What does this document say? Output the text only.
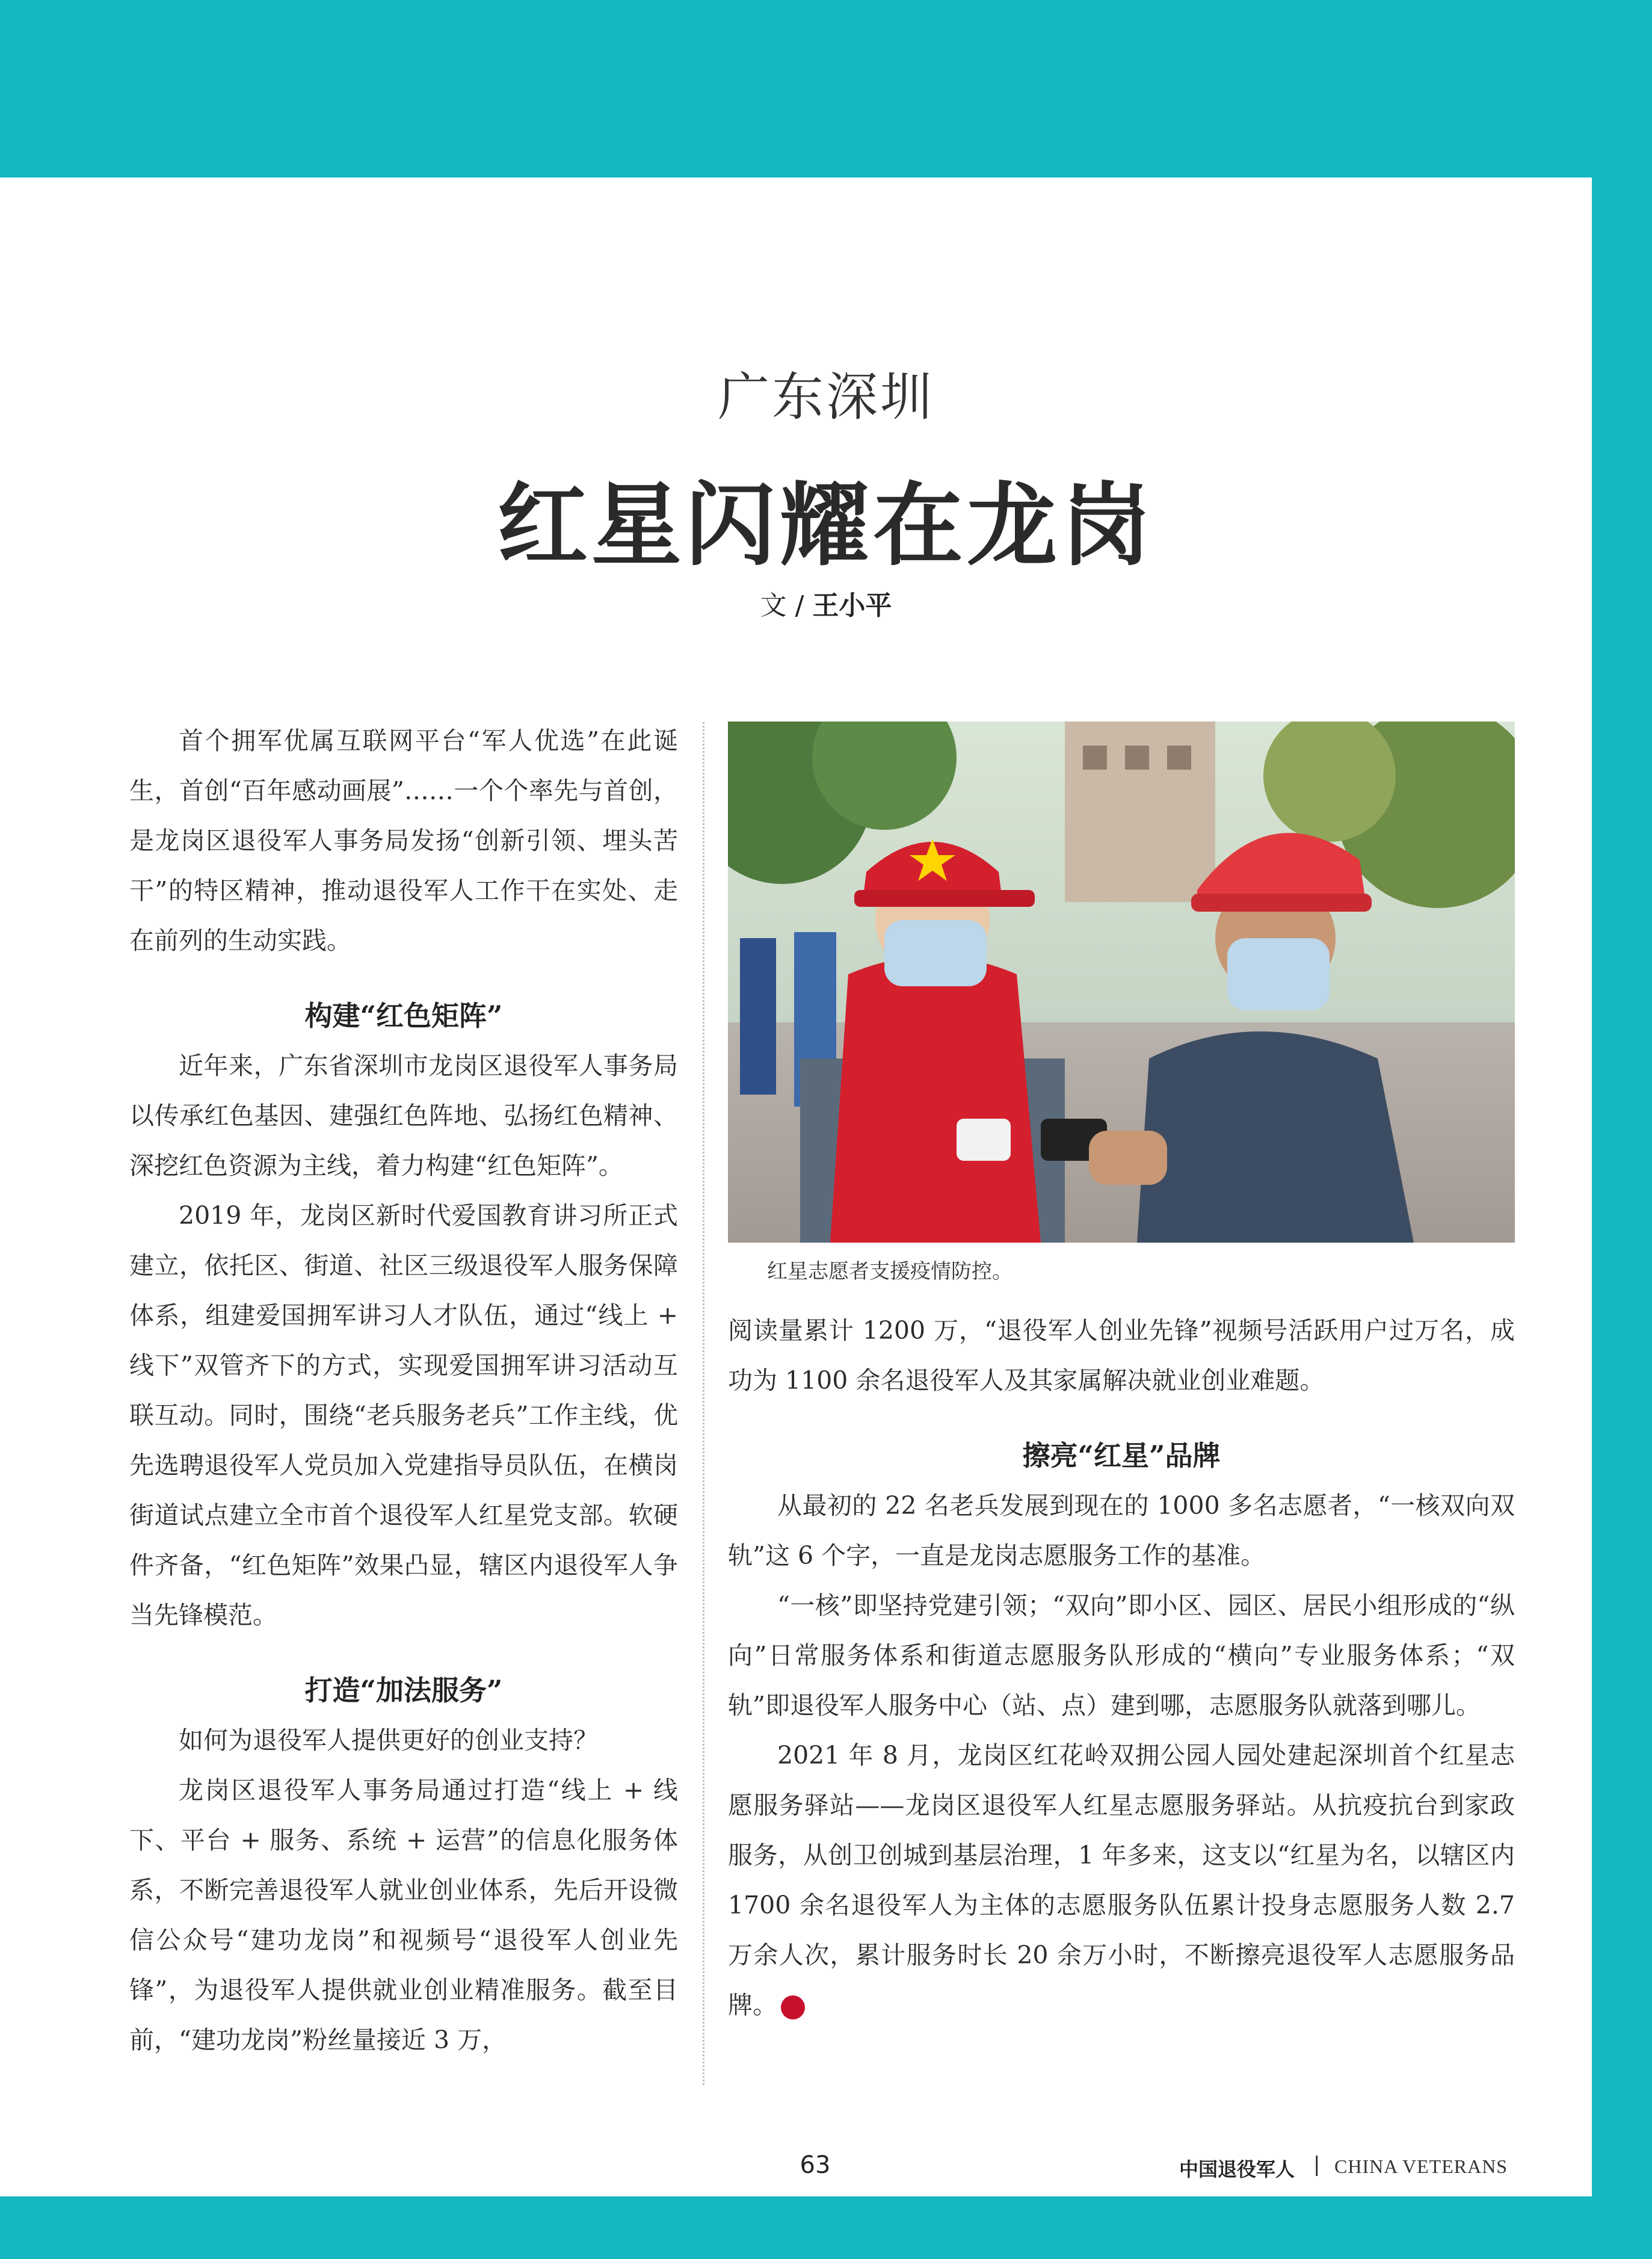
广东深圳
红星闪耀在龙岗
文 / 王小平

首个拥军优属互联网平台“军人优选”在此诞生，首创“百年感动画展”……一个个率先与首创，是龙岗区退役军人事务局发扬“创新引领、埋头苦干”的特区精神，推动退役军人工作干在实处、走在前列的生动实践。

构建“红色矩阵”

近年来，广东省深圳市龙岗区退役军人事务局以传承红色基因、建强红色阵地、弘扬红色精神、深挖红色资源为主线，着力构建“红色矩阵”。

2019 年，龙岗区新时代爱国教育讲习所正式建立，依托区、街道、社区三级退役军人服务保障体系，组建爱国拥军讲习人才队伍，通过“线上 + 线下”双管齐下的方式，实现爱国拥军讲习活动互联互动。同时，围绕“老兵服务老兵”工作主线，优先选聘退役军人党员加入党建指导员队伍，在横岗街道试点建立全市首个退役军人红星党支部。软硬件齐备，“红色矩阵”效果凸显，辖区内退役军人争当先锋模范。

打造“加法服务”

如何为退役军人提供更好的创业支持？

龙岗区退役军人事务局通过打造“线上 + 线下、平台 + 服务、系统 + 运营”的信息化服务体系，不断完善退役军人就业创业体系，先后开设微信公众号“建功龙岗”和视频号“退役军人创业先锋”，为退役军人提供就业创业精准服务。截至目前，“建功龙岗”粉丝量接近 3 万，

红星志愿者支援疫情防控。

阅读量累计 1200 万，“退役军人创业先锋”视频号活跃用户过万名，成功为 1100 余名退役军人及其家属解决就业创业难题。

擦亮“红星”品牌

从最初的 22 名老兵发展到现在的 1000 多名志愿者，“一核双向双轨”这 6 个字，一直是龙岗志愿服务工作的基准。

“一核”即坚持党建引领；“双向”即小区、园区、居民小组形成的“纵向”日常服务体系和街道志愿服务队形成的“横向”专业服务体系；“双轨”即退役军人服务中心（站、点）建到哪，志愿服务队就落到哪儿。

2021 年 8 月，龙岗区红花岭双拥公园人园处建起深圳首个红星志愿服务驿站——龙岗区退役军人红星志愿服务驿站。从抗疫抗台到家政服务，从创卫创城到基层治理，1 年多来，这支以“红星为名，以辖区内 1700 余名退役军人为主体的志愿服务队伍累计投身志愿服务人数 2.7 万余人次，累计服务时长 20 余万小时，不断擦亮退役军人志愿服务品牌。	V

63	中国退役军人 | CHINA VETERANS
